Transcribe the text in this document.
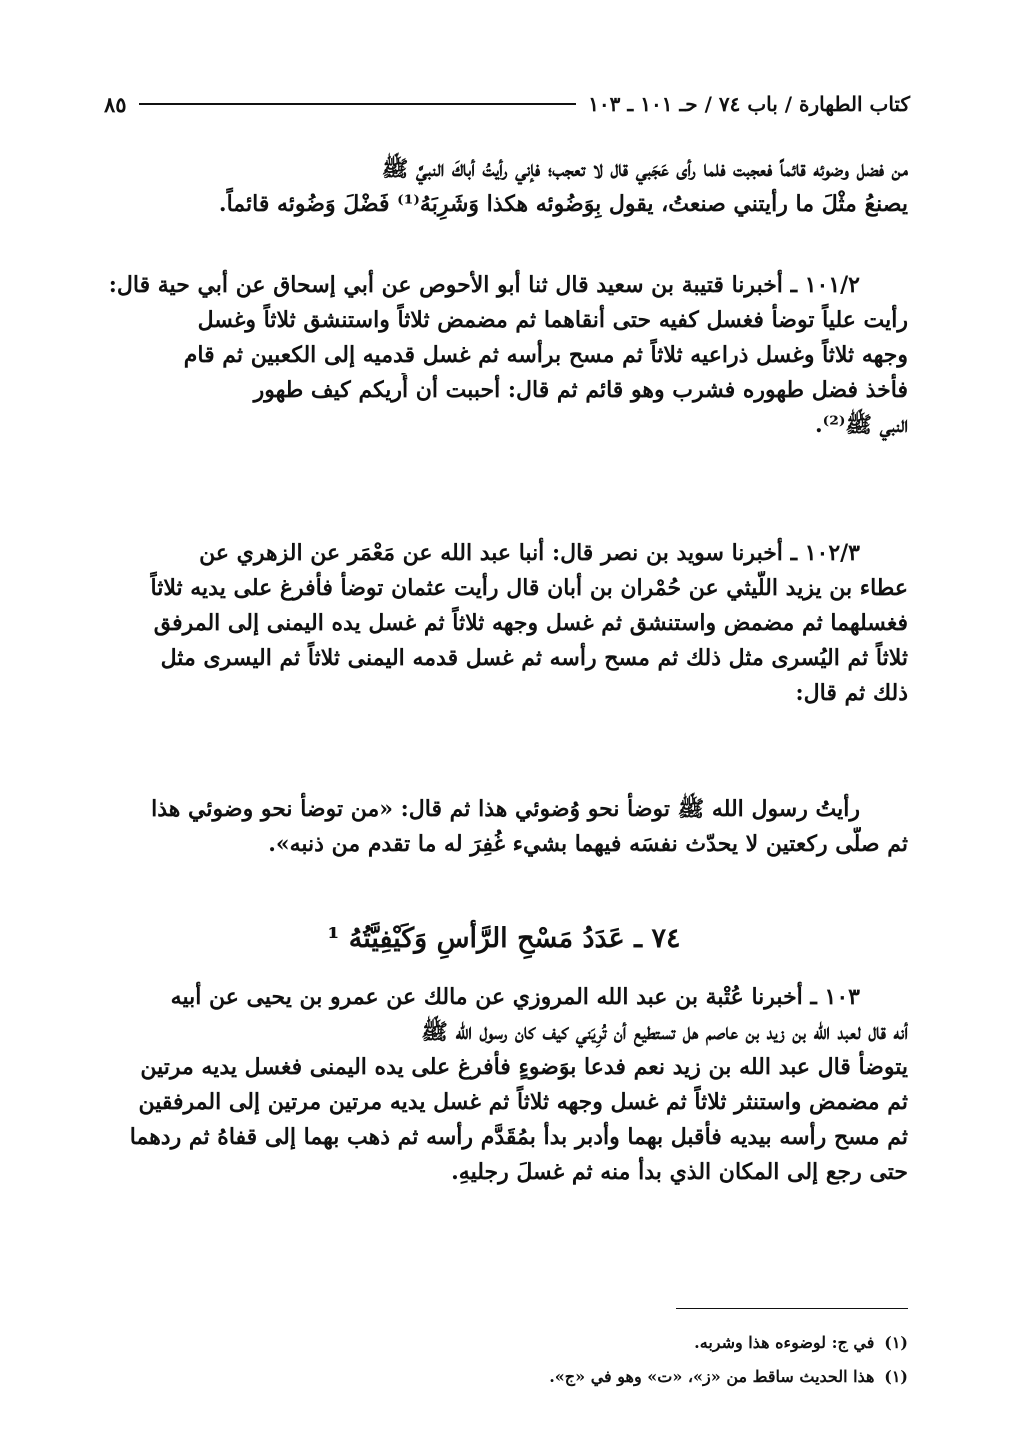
كتاب الطهارة / باب ٧٤ / حـ ١٠١ ـ ١٠٣
٨٥
من فضل وضوئه قائماً فعجبت فلما رأى عَجَبي قال لا تعجب؛ فإني رأيتُ أباكَ النبيَّ ﷺ
يصنعُ مثْلَ ما رأيتني صنعتُ، يقول بِوَضُوئه هكذا وَشَرِبَهُ⁽¹⁾ فَضْلَ وَضُوئه قائماً.
١٠١/٢ ـ أخبرنا قتيبة بن سعيد قال ثنا أبو الأحوص عن أبي إسحاق عن أبي حية قال:
رأيت علياً توضأ فغسل كفيه حتى أنقاهما ثم مضمض ثلاثاً واستنشق ثلاثاً وغسل
وجهه ثلاثاً وغسل ذراعيه ثلاثاً ثم مسح برأسه ثم غسل قدميه إلى الكعبين ثم قام
فأخذ فضل طهوره فشرب وهو قائم ثم قال: أحببت أن أُريكم كيف طهور
النبي ﷺ⁽²⁾.
١٠٢/٣ ـ أخبرنا سويد بن نصر قال: أنبا عبد الله عن مَعْمَر عن الزهري عن
عطاء بن يزيد اللَّيثي عن حُمْران بن أبان قال رأيت عثمان توضأ فأفرغ على يديه ثلاثاً
فغسلهما ثم مضمض واستنشق ثم غسل وجهه ثلاثاً ثم غسل يده اليمنى إلى المرفق
ثلاثاً ثم اليُسرى مثل ذلك ثم مسح رأسه ثم غسل قدمه اليمنى ثلاثاً ثم اليسرى مثل
ذلك ثم قال:
رأيتُ رسول الله ﷺ توضأ نحو وُضوئي هذا ثم قال: «من توضأ نحو وضوئي هذا
ثم صلَّى ركعتين لا يحدّث نفسَه فيهما بشيء غُفِرَ له ما تقدم من ذنبه».
٧٤ ـ عَدَدُ مَسْحِ الرَّأسِ وَكَيْفِيَّتُهُ ¹
١٠٣ ـ أخبرنا عُتْبة بن عبد الله المروزي عن مالك عن عمرو بن يحيى عن أبيه
أنه قال لعبد الله بن زيد بن عاصم هل تستطيع أن تُرِيَني كيف كان رسول الله ﷺ
يتوضأ قال عبد الله بن زيد نعم فدعا بوَضوءٍ فأفرغ على يده اليمنى فغسل يديه مرتين
ثم مضمض واستنثر ثلاثاً ثم غسل وجهه ثلاثاً ثم غسل يديه مرتين مرتين إلى المرفقين
ثم مسح رأسه بيديه فأقبل بهما وأدبر بدأ بمُقَدَّم رأسه ثم ذهب بهما إلى قفاهُ ثم ردهما
حتى رجع إلى المكان الذي بدأ منه ثم غسلَ رجليهِ.
(١) في ج: لوضوءه هذا وشربه.
(١) هذا الحديث ساقط من «ز»، «ت» وهو في «ج».
